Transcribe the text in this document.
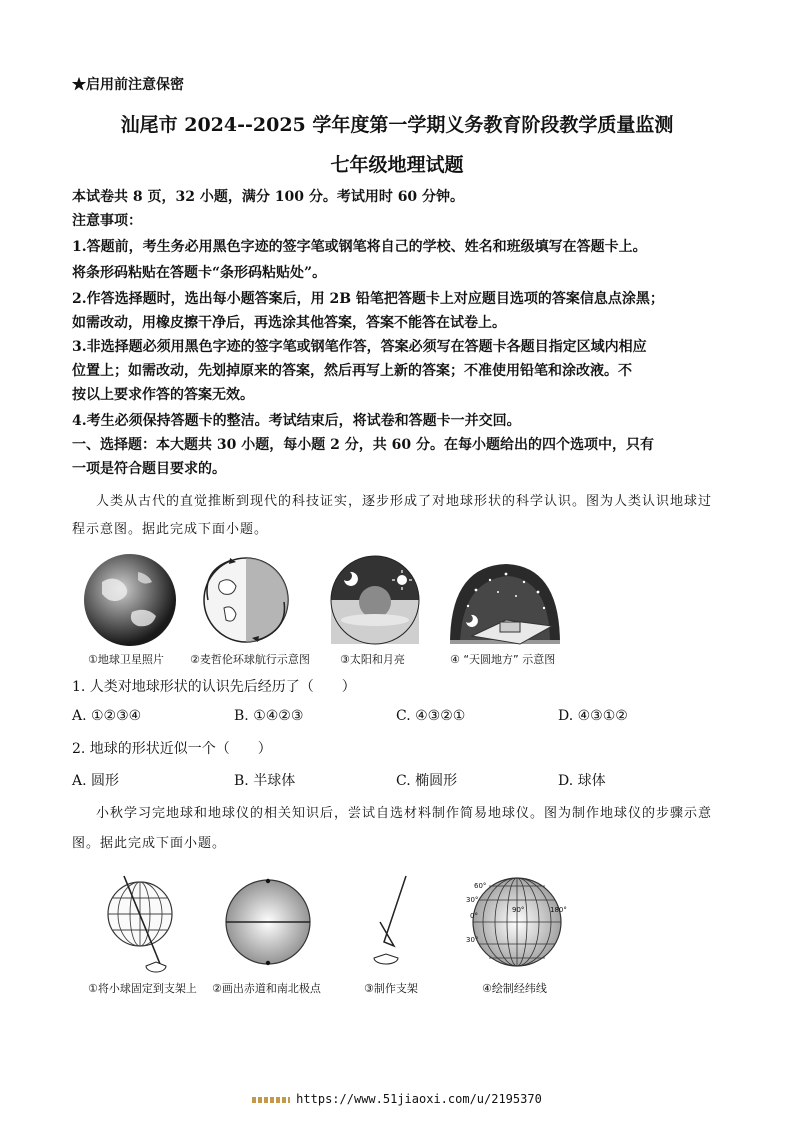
★启用前注意保密
汕尾市 2024--2025 学年度第一学期义务教育阶段教学质量监测
七年级地理试题
本试卷共 8 页，32 小题，满分 100 分。考试用时 60 分钟。
注意事项：
1.答题前，考生务必用黑色字迹的签字笔或钢笔将自己的学校、姓名和班级填写在答题卡上。
将条形码粘贴在答题卡“条形码粘贴处”。
2.作答选择题时，选出每小题答案后，用 2B 铅笔把答题卡上对应题目选项的答案信息点涂黑；
如需改动，用橡皮擦干净后，再选涂其他答案，答案不能答在试卷上。
3.非选择题必须用黑色字迹的签字笔或钢笔作答，答案必须写在答题卡各题目指定区域内相应
位置上；如需改动，先划掉原来的答案，然后再写上新的答案；不准使用铅笔和涂改液。不
按以上要求作答的答案无效。
4.考生必须保持答题卡的整洁。考试结束后，将试卷和答题卡一并交回。
一、选择题：本大题共 30 小题，每小题 2 分，共 60 分。在每小题给出的四个选项中，只有
一项是符合题目要求的。
人类从古代的直觉推断到现代的科技证实，逐步形成了对地球形状的科学认识。图为人类认识地球过
程示意图。据此完成下面小题。
①地球卫星照片 ②麦哲伦环球航行示意图	③太阳和月亮	④ “天圆地方” 示意图
1. 人类对地球形状的认识先后经历了（　　）
A. ①②③④	B. ①④②③	C. ④③②①	D. ④③①②
2. 地球的形状近似一个（　　）
A. 圆形	B. 半球体	C. 椭圆形	D. 球体
小秋学习完地球和地球仪的相关知识后，尝试自选材料制作简易地球仪。图为制作地球仪的步骤示意
图。据此完成下面小题。
①将小球固定到支架上 ②画出赤道和南北极点	③制作支架
60°
30°
0°
30°
90°	180°
④绘制经纬线
https://www.51jiaoxi.com/u/2195370
